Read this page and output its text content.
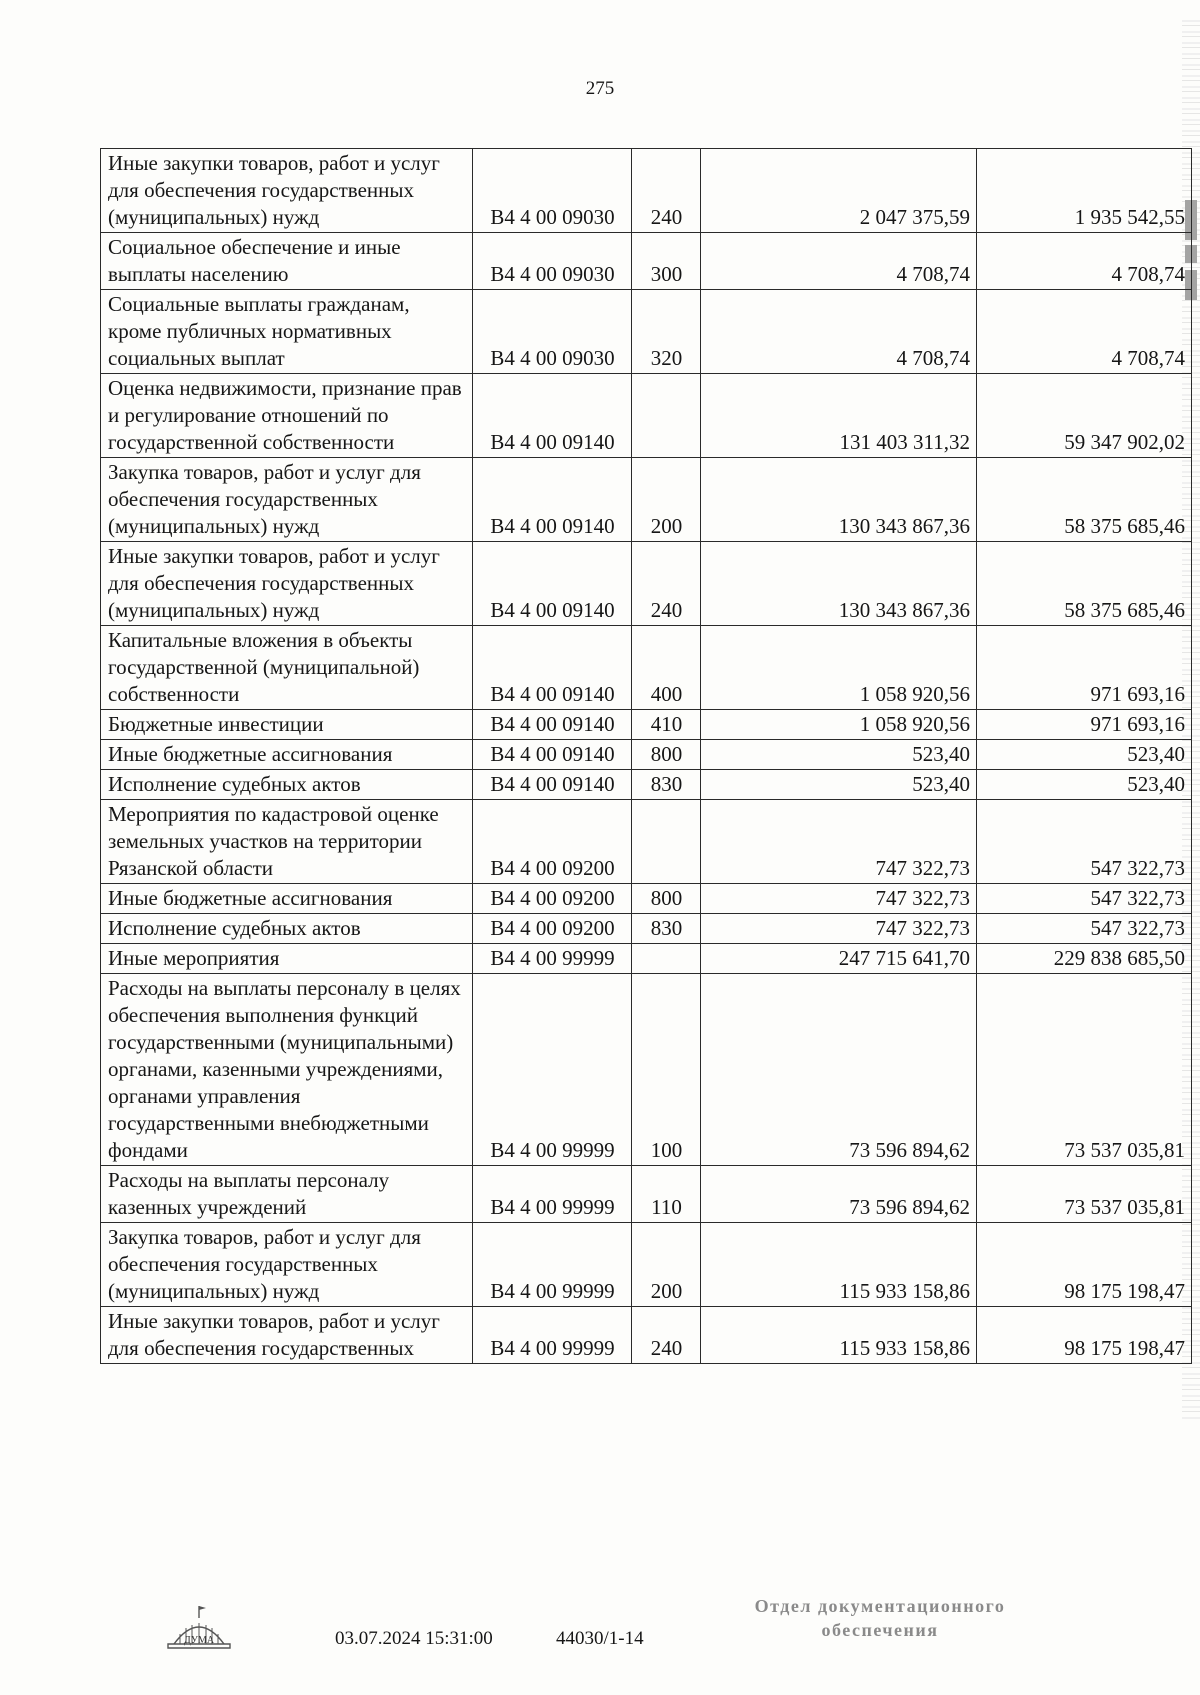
275
Иные закупки товаров, работ и услуг для обеспечения государственных (муниципальных) нужд	В4 4 00 09030	240	2 047 375,59	1 935 542,55
Социальное обеспечение и иные выплаты населению	В4 4 00 09030	300	4 708,74	4 708,74
Социальные выплаты гражданам, кроме публичных нормативных социальных выплат	В4 4 00 09030	320	4 708,74	4 708,74
Оценка недвижимости, признание прав и регулирование отношений по государственной собственности	В4 4 00 09140		131 403 311,32	59 347 902,02
Закупка товаров, работ и услуг для обеспечения государственных (муниципальных) нужд	В4 4 00 09140	200	130 343 867,36	58 375 685,46
Иные закупки товаров, работ и услуг для обеспечения государственных (муниципальных) нужд	В4 4 00 09140	240	130 343 867,36	58 375 685,46
Капитальные вложения в объекты государственной (муниципальной) собственности	В4 4 00 09140	400	1 058 920,56	971 693,16
Бюджетные инвестиции	В4 4 00 09140	410	1 058 920,56	971 693,16
Иные бюджетные ассигнования	В4 4 00 09140	800	523,40	523,40
Исполнение судебных актов	В4 4 00 09140	830	523,40	523,40
Мероприятия по кадастровой оценке земельных участков на территории Рязанской области	В4 4 00 09200		747 322,73	547 322,73
Иные бюджетные ассигнования	В4 4 00 09200	800	747 322,73	547 322,73
Исполнение судебных актов	В4 4 00 09200	830	747 322,73	547 322,73
Иные мероприятия	В4 4 00 99999		247 715 641,70	229 838 685,50
Расходы на выплаты персоналу в целях обеспечения выполнения функций государственными (муниципальными) органами, казенными учреждениями, органами управления государственными внебюджетными фондами	В4 4 00 99999	100	73 596 894,62	73 537 035,81
Расходы на выплаты персоналу казенных учреждений	В4 4 00 99999	110	73 596 894,62	73 537 035,81
Закупка товаров, работ и услуг для обеспечения государственных (муниципальных) нужд	В4 4 00 99999	200	115 933 158,86	98 175 198,47
Иные закупки товаров, работ и услуг для обеспечения государственных	В4 4 00 99999	240	115 933 158,86	98 175 198,47
ДУМА	03.07.2024 15:31:00	44030/1-14
Отдел документационного
обеспечения
